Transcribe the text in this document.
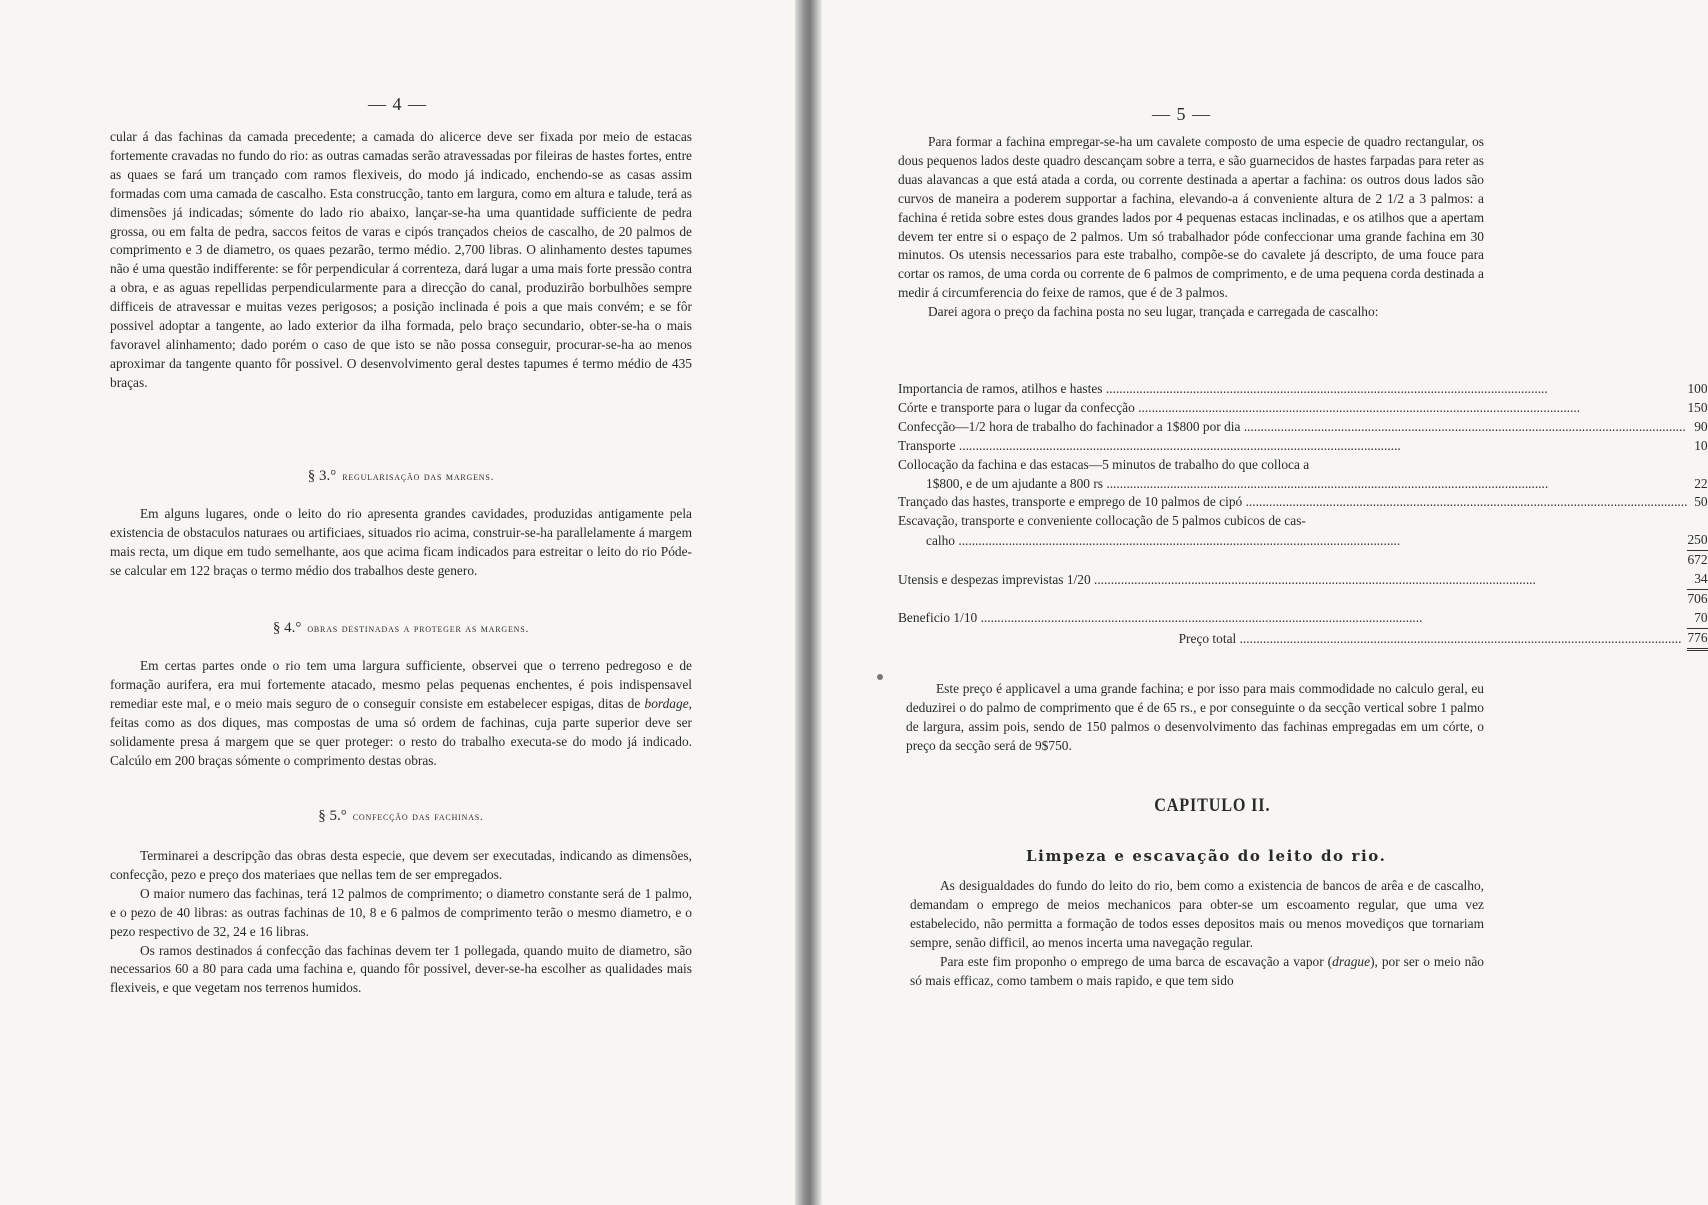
— 4 —

cular á das fachinas da camada precedente; a camada do alicerce deve ser fixada por meio de estacas fortemente cravadas no fundo do rio: as outras camadas serão atravessadas por fileiras de hastes fortes, entre as quaes se fará um trançado com ramos flexiveis, do modo já indicado, enchendo-se as casas assim formadas com uma camada de cascalho. Esta construcção, tanto em largura, como em altura e talude, terá as dimensões já indicadas; sómente do lado rio abaixo, lançar-se-ha uma quantidade sufficiente de pedra grossa, ou em falta de pedra, saccos feitos de varas e cipós trançados cheios de cascalho, de 20 palmos de comprimento e 3 de diametro, os quaes pezarão, termo médio. 2,700 libras. O alinhamento destes tapumes não é uma questão indifferente: se fôr perpendicular á correnteza, dará lugar a uma mais forte pressão contra a obra, e as aguas repellidas perpendicularmente para a direcção do canal, produzirão borbulhões sempre difficeis de atravessar e muitas vezes perigosos; a posição inclinada é pois a que mais convém; e se fôr possivel adoptar a tangente, ao lado exterior da ilha formada, pelo braço secundario, obter-se-ha o mais favoravel alinhamento; dado porém o caso de que isto se não possa conseguir, procurar-se-ha ao menos aproximar da tangente quanto fôr possivel. O desenvolvimento geral destes tapumes é termo médio de 435 braças.

§ 3.° regularisação das margens.

Em alguns lugares, onde o leito do rio apresenta grandes cavidades, produzidas antigamente pela existencia de obstaculos naturaes ou artificiaes, situados rio acima, construir-se-ha parallelamente á margem mais recta, um dique em tudo semelhante, aos que acima ficam indicados para estreitar o leito do rio Póde-se calcular em 122 braças o termo médio dos trabalhos deste genero.

§ 4.° obras destinadas a proteger as margens.

Em certas partes onde o rio tem uma largura sufficiente, observei que o terreno pedregoso e de formação aurifera, era mui fortemente atacado, mesmo pelas pequenas enchentes, é pois indispensavel remediar este mal, e o meio mais seguro de o conseguir consiste em estabelecer espigas, ditas de bordage, feitas como as dos diques, mas compostas de uma só ordem de fachinas, cuja parte superior deve ser solidamente presa á margem que se quer proteger: o resto do trabalho executa-se do modo já indicado. Calcúlo em 200 braças sómente o comprimento destas obras.

§ 5.° confecção das fachinas.

Terminarei a descripção das obras desta especie, que devem ser executadas, indicando as dimensões, confecção, pezo e preço dos materiaes que nellas tem de ser empregados.

O maior numero das fachinas, terá 12 palmos de comprimento; o diametro constante será de 1 palmo, e o pezo de 40 libras: as outras fachinas de 10, 8 e 6 palmos de comprimento terão o mesmo diametro, e o pezo respectivo de 32, 24 e 16 libras.

Os ramos destinados á confecção das fachinas devem ter 1 pollegada, quando muito de diametro, são necessarios 60 a 80 para cada uma fachina e, quando fôr possivel, dever-se-ha escolher as qualidades mais flexiveis, e que vegetam nos terrenos humidos.

— 5 —

Para formar a fachina empregar-se-ha um cavalete composto de uma especie de quadro rectangular, os dous pequenos lados deste quadro descançam sobre a terra, e são guarnecidos de hastes farpadas para reter as duas alavancas a que está atada a corda, ou corrente destinada a apertar a fachina: os outros dous lados são curvos de maneira a poderem supportar a fachina, elevando-a á conveniente altura de 2 1/2 a 3 palmos: a fachina é retida sobre estes dous grandes lados por 4 pequenas estacas inclinadas, e os atilhos que a apertam devem ter entre si o espaço de 2 palmos. Um só trabalhador póde confeccionar uma grande fachina em 30 minutos. Os utensis necessarios para este trabalho, compõe-se do cavalete já descripto, de uma fouce para cortar os ramos, de uma corda ou corrente de 6 palmos de comprimento, e de uma pequena corda destinada a medir á circumferencia do feixe de ramos, que é de 3 palmos.

Darei agora o preço da fachina posta no seu lugar, trançada e carregada de cascalho:

Importancia de ramos, atilhos e hastes .....	100
Córte e transporte para o lugar da confecção .....	150
Confecção—1/2 hora de trabalho do fachinador a 1$800 por dia .....	90
Transporte .....	10
Collocação da fachina e das estacas—5 minutos de trabalho do que colloca a	
1$800, e de um ajudante a 800 rs .....	22
Trançado das hastes, transporte e emprego de 10 palmos de cipó .....	50
Escavação, transporte e conveniente collocação de 5 palmos cubicos de cas-	
calho .....	250
	672
Utensis e despezas imprevistas 1/20 .....	34
	706
Beneficio 1/10 .....	70
Preço total .....	776

Este preço é applicavel a uma grande fachina; e por isso para mais commodidade no calculo geral, eu deduzirei o do palmo de comprimento que é de 65 rs., e por conseguinte o da secção vertical sobre 1 palmo de largura, assim pois, sendo de 150 palmos o desenvolvimento das fachinas empregadas em um córte, o preço da secção será de 9$750.

CAPITULO II.
Limpeza e escavação do leito do rio.

As desigualdades do fundo do leito do rio, bem como a existencia de bancos de arêa e de cascalho, demandam o emprego de meios mechanicos para obter-se um escoamento regular, que uma vez estabelecido, não permitta a formação de todos esses depositos mais ou menos movediços que tornariam sempre, senão difficil, ao menos incerta uma navegação regular.

Para este fim proponho o emprego de uma barca de escavação a vapor (drague), por ser o meio não só mais efficaz, como tambem o mais rapido, e que tem sido
